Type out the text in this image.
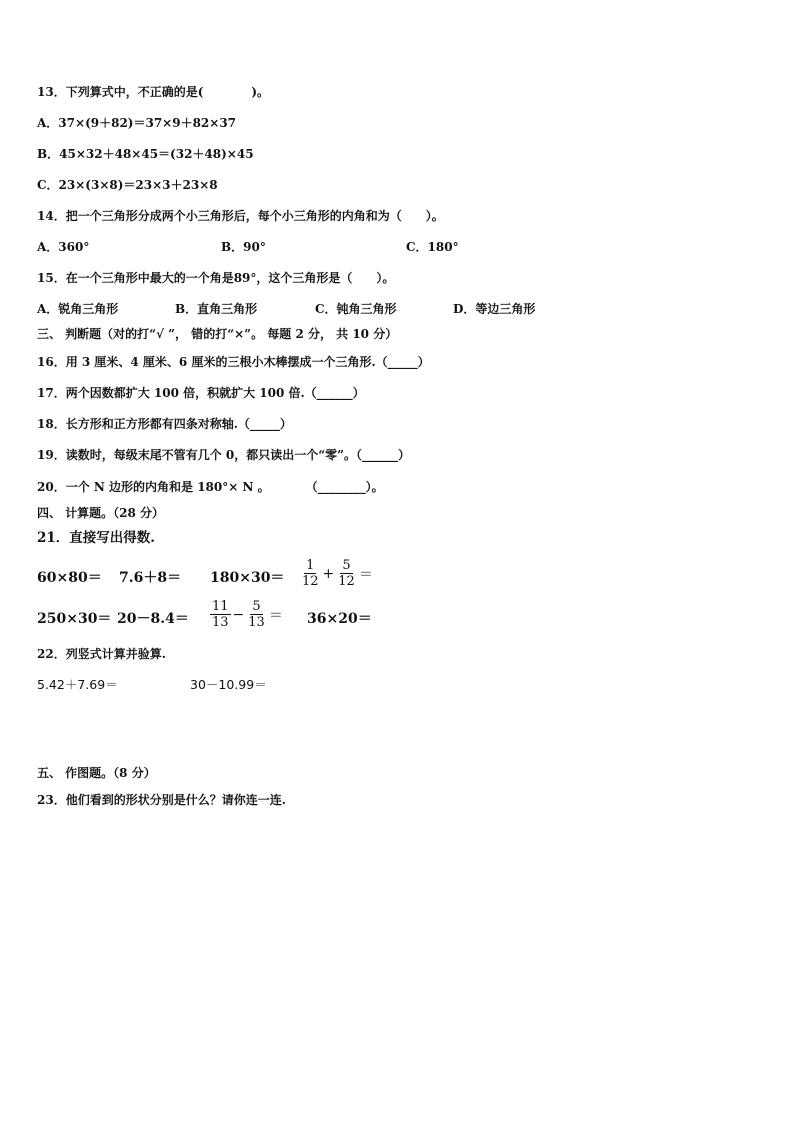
13．下列算式中，不正确的是(　　　　)。
A．37×(9＋82)＝37×9＋82×37
B．45×32＋48×45＝(32＋48)×45
C．23×(3×8)＝23×3＋23×8
14．把一个三角形分成两个小三角形后，每个小三角形的内角和为（　　）。
A．360°	B．90°	C．180°
15．在一个三角形中最大的一个角是89°，这个三角形是（　　）。
A．锐角三角形	B．直角三角形	C．钝角三角形	D．等边三角形
三、 判断题（对的打“√ ”， 错的打“×”。 每题 2 分， 共 10 分）
16．用 3 厘米、4 厘米、6 厘米的三根小木棒摆成一个三角形.（_____）
17．两个因数都扩大 100 倍，积就扩大 100 倍.（______）
18．长方形和正方形都有四条对称轴.（_____）
19．读数时，每级末尾不管有几个 0，都只读出一个“零”。（______）
20．一个 N 边形的内角和是 180°× N 。　　　　（________）。
四、 计算题。（28 分）
21．直接写出得数.
$60\times 80= 7.6+8= 180\times 30= \frac{1}{12} + \frac{5}{12}$ ＝
$250\times 30= 20-8.4= \frac{11}{13} - \frac{5}{13} = 36\times 20=$
22．列竖式计算并验算.
5.42＋7.69＝	30－10.99＝
五、 作图题。（8 分）
23．他们看到的形状分别是什么？请你连一连.
